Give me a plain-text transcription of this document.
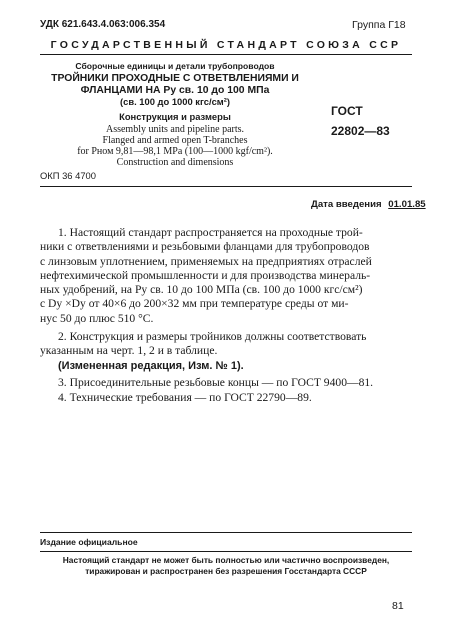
УДК 621.643.4.063:006.354	Группа Г18
ГОСУДАРСТВЕННЫЙ СТАНДАРТ СОЮЗА ССР
Сборочные единицы и детали трубопроводов
ТРОЙНИКИ ПРОХОДНЫЕ С ОТВЕТВЛЕНИЯМИ И
ФЛАНЦАМИ НА Pу св. 10 до 100 МПа
(св. 100 до 1000 кгс/см²)
Конструкция и размеры
Assembly units and pipeline parts.
Flanged and armed open T-branches
for Pном 9,81—98,1 MPa (100—1000 kgf/cm²).
Construction and dimensions
ГОСТ
22802—83
ОКП 36 4700
Дата введения 01.01.85
1. Настоящий стандарт распространяется на проходные трой-
ники с ответвлениями и резьбовыми фланцами для трубопроводов
с линзовым уплотнением, применяемых на предприятиях отраслей
нефтехимической промышленности и для производства минераль-
ных удобрений, на Pу св. 10 до 100 МПа (св. 100 до 1000 кгс/см²)
с Dу ×Dу от 40×6 до 200×32 мм при температуре среды от ми-
нус 50 до плюс 510 °С.
2. Конструкция и размеры тройников должны соответствовать
указанным на черт. 1, 2 и в таблице.
(Измененная редакция, Изм. № 1).
3. Присоединительные резьбовые концы — по ГОСТ 9400—81.
4. Технические требования — по ГОСТ 22790—89.
Издание официальное
Настоящий стандарт не может быть полностью или частично воспроизведен,
тиражирован и распространен без разрешения Госстандарта СССР
81
